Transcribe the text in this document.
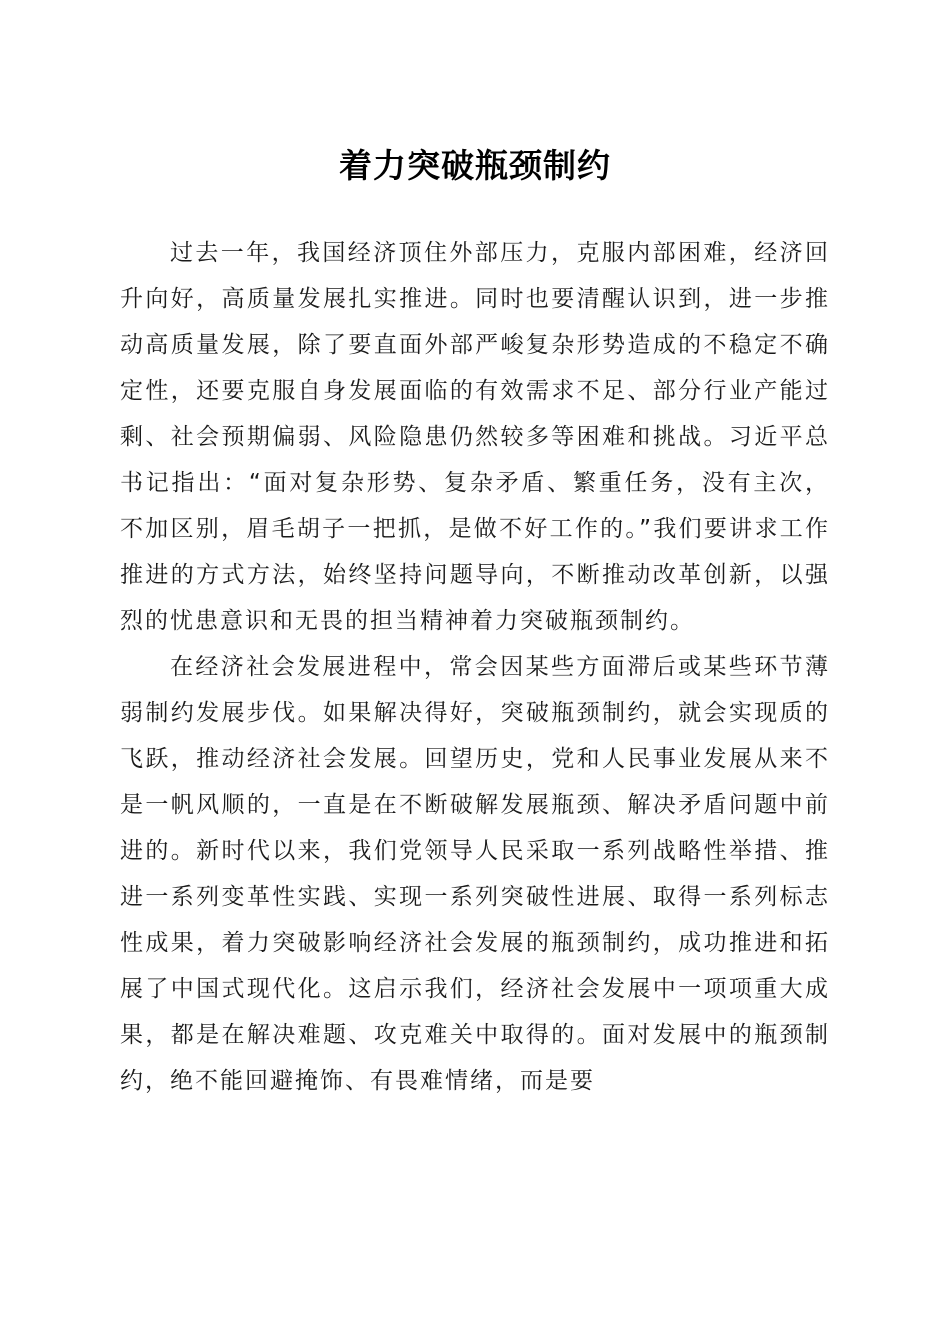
着力突破瓶颈制约

过去一年，我国经济顶住外部压力，克服内部困难，经济回升向好，高质量发展扎实推进。同时也要清醒认识到，进一步推动高质量发展，除了要直面外部严峻复杂形势造成的不稳定不确定性，还要克服自身发展面临的有效需求不足、部分行业产能过剩、社会预期偏弱、风险隐患仍然较多等困难和挑战。习近平总书记指出：“面对复杂形势、复杂矛盾、繁重任务，没有主次，不加区别，眉毛胡子一把抓，是做不好工作的。”我们要讲求工作推进的方式方法，始终坚持问题导向，不断推动改革创新，以强烈的忧患意识和无畏的担当精神着力突破瓶颈制约。

在经济社会发展进程中，常会因某些方面滞后或某些环节薄弱制约发展步伐。如果解决得好，突破瓶颈制约，就会实现质的飞跃，推动经济社会发展。回望历史，党和人民事业发展从来不是一帆风顺的，一直是在不断破解发展瓶颈、解决矛盾问题中前进的。新时代以来，我们党领导人民采取一系列战略性举措、推进一系列变革性实践、实现一系列突破性进展、取得一系列标志性成果，着力突破影响经济社会发展的瓶颈制约，成功推进和拓展了中国式现代化。这启示我们，经济社会发展中一项项重大成果，都是在解决难题、攻克难关中取得的。面对发展中的瓶颈制约，绝不能回避掩饰、有畏难情绪，而是要
